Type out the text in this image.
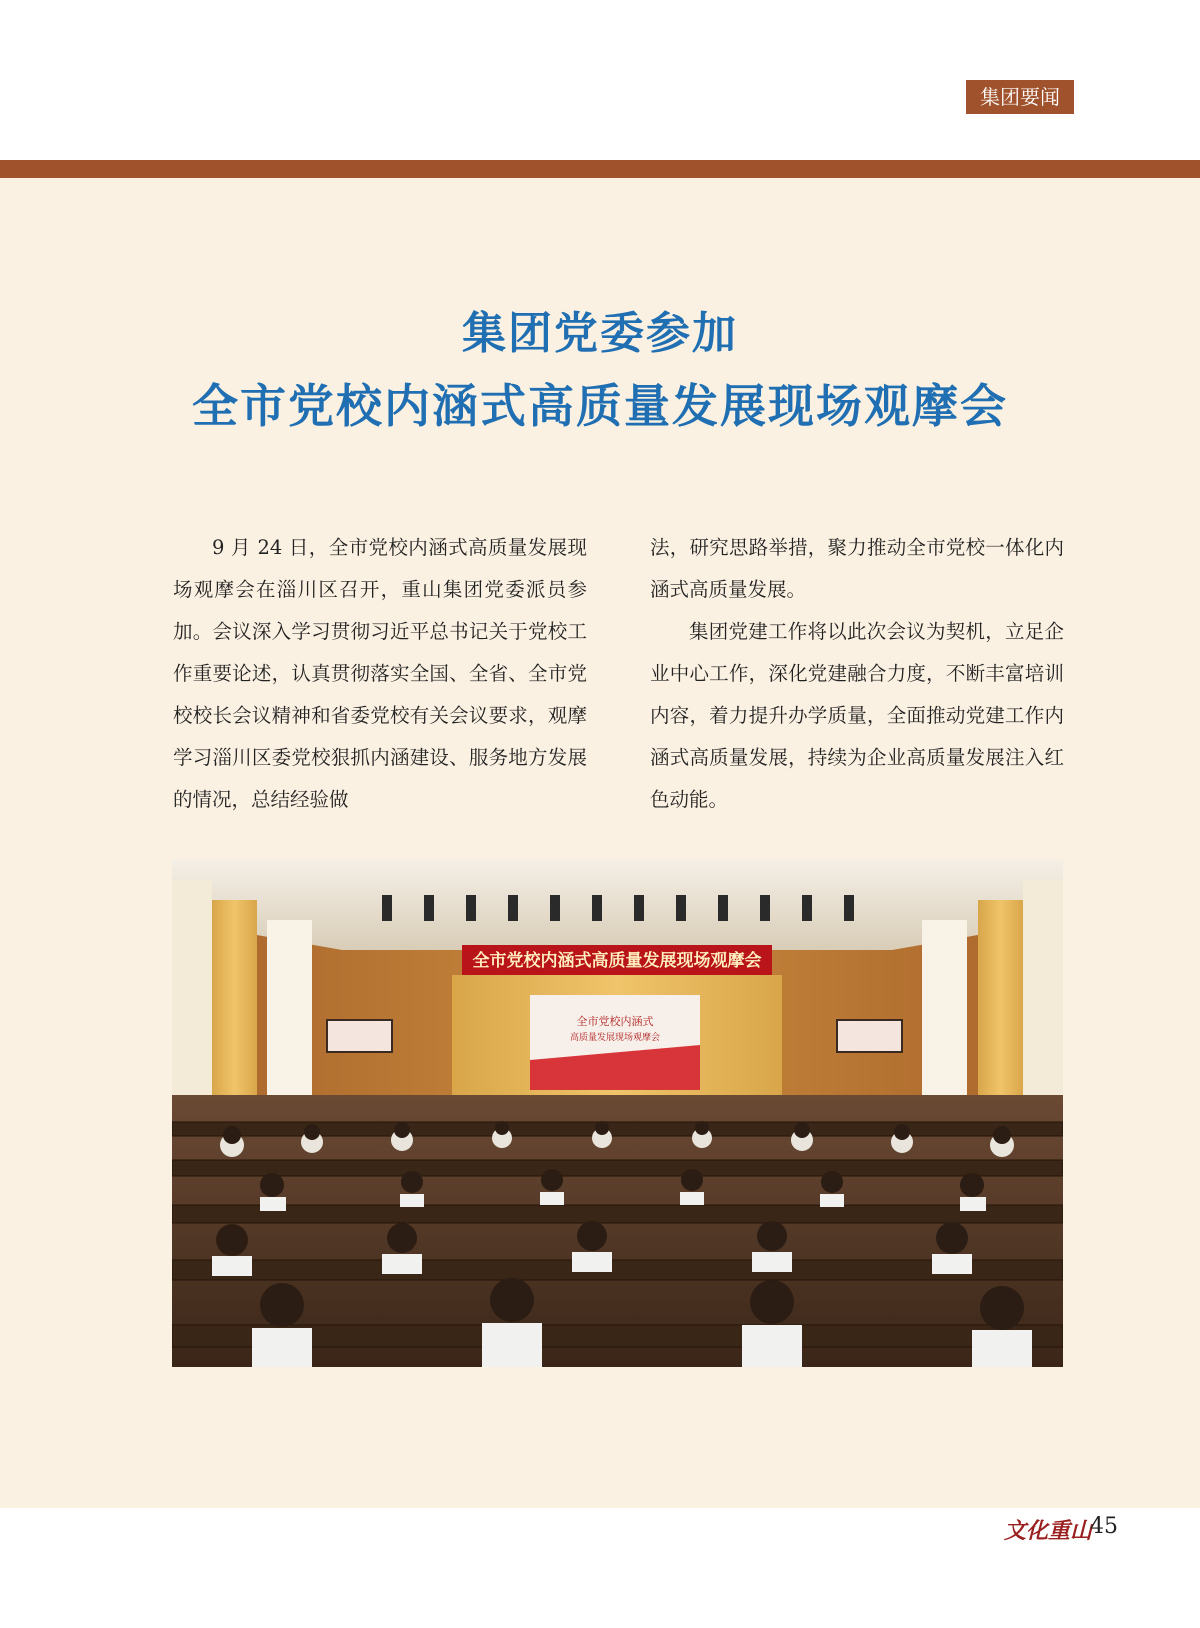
集团要闻
集团党委参加
全市党校内涵式高质量发展现场观摩会

9 月 24 日，全市党校内涵式高质量发展现场观摩会在淄川区召开，重山集团党委派员参加。会议深入学习贯彻习近平总书记关于党校工作重要论述，认真贯彻落实全国、全省、全市党校校长会议精神和省委党校有关会议要求，观摩学习淄川区委党校狠抓内涵建设、服务地方发展的情况，总结经验做

法，研究思路举措，聚力推动全市党校一体化内涵式高质量发展。

集团党建工作将以此次会议为契机，立足企业中心工作，深化党建融合力度，不断丰富培训内容，着力提升办学质量，全面推动党建工作内涵式高质量发展，持续为企业高质量发展注入红色动能。

全市党校内涵式高质量发展现场观摩会
全市党校内涵式
高质量发展现场观摩会
文化重山
45
